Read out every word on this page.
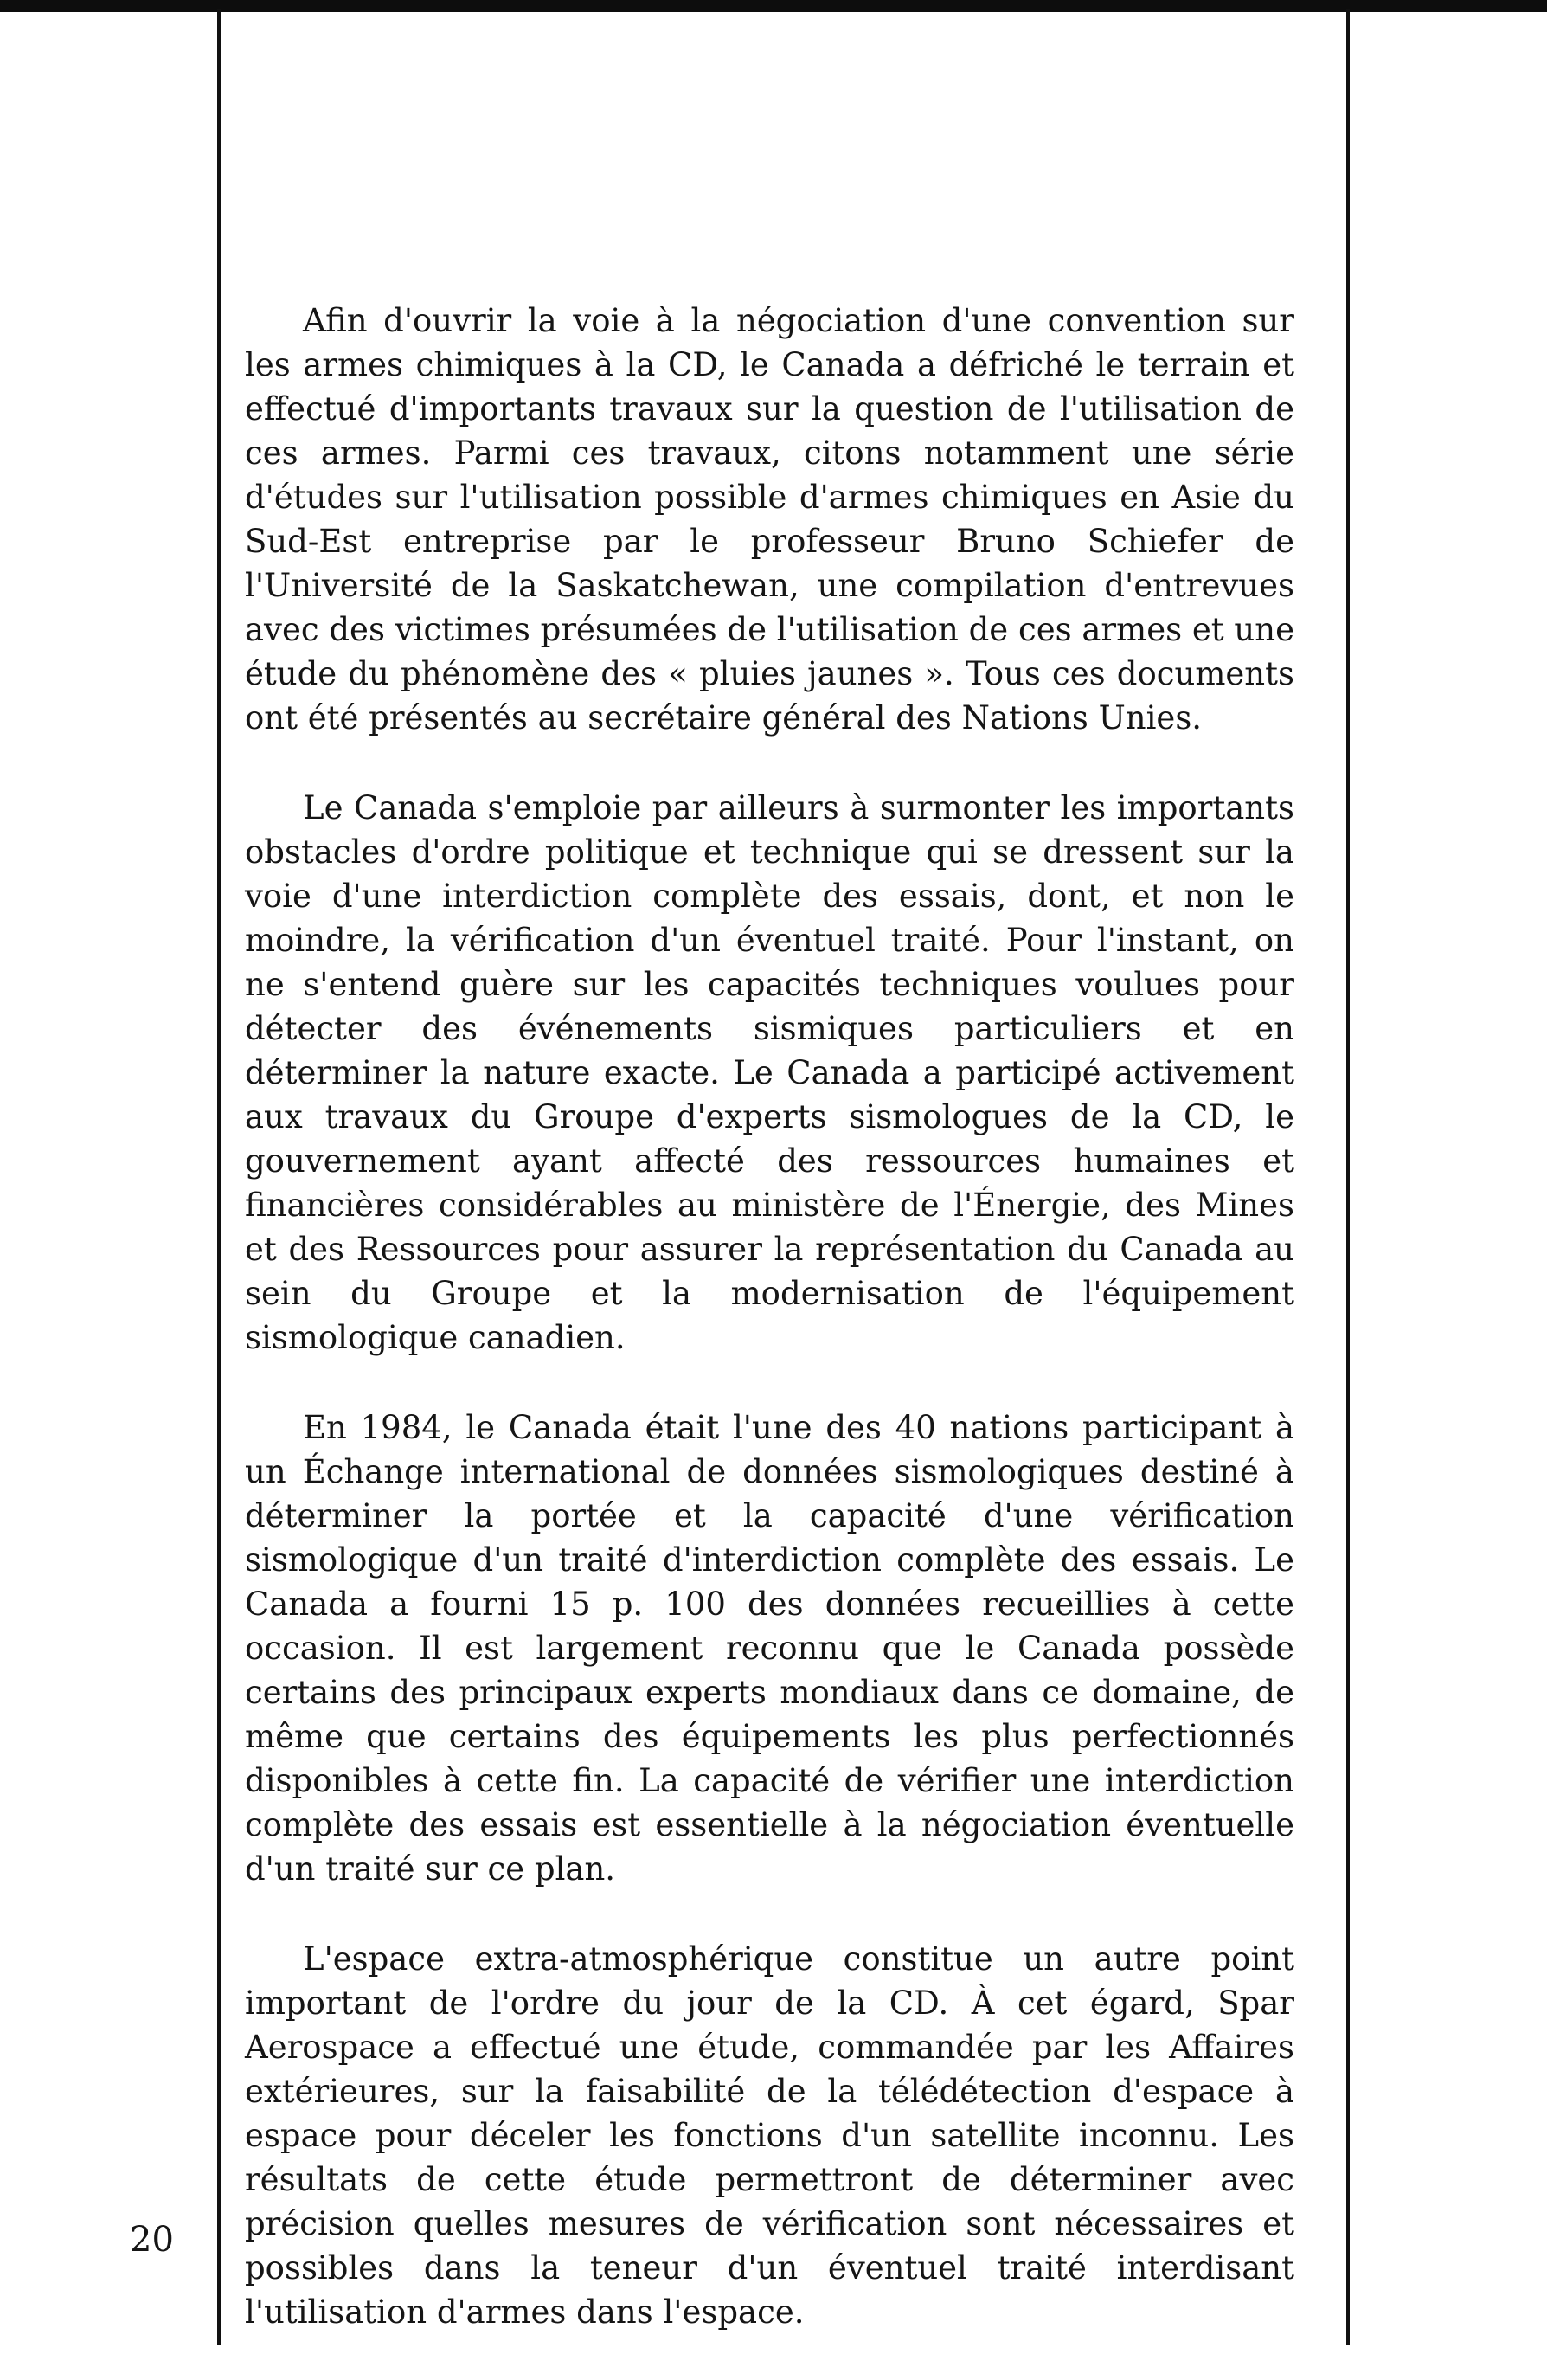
Afin d'ouvrir la voie à la négociation d'une convention sur les armes chimiques à la CD, le Canada a défriché le terrain et effectué d'importants travaux sur la question de l'utilisation de ces armes. Parmi ces travaux, citons notamment une série d'études sur l'utilisation possible d'armes chimiques en Asie du Sud-Est entreprise par le professeur Bruno Schiefer de l'Université de la Saskatchewan, une compilation d'entrevues avec des victimes présumées de l'utilisation de ces armes et une étude du phénomène des « pluies jaunes ». Tous ces documents ont été présentés au secrétaire général des Nations Unies.

Le Canada s'emploie par ailleurs à surmonter les importants obstacles d'ordre politique et technique qui se dressent sur la voie d'une interdiction complète des essais, dont, et non le moindre, la vérification d'un éventuel traité. Pour l'instant, on ne s'entend guère sur les capacités techniques voulues pour détecter des événements sismiques particuliers et en déterminer la nature exacte. Le Canada a participé activement aux travaux du Groupe d'experts sismologues de la CD, le gouvernement ayant affecté des ressources humaines et financières considérables au ministère de l'Énergie, des Mines et des Ressources pour assurer la représentation du Canada au sein du Groupe et la modernisation de l'équipement sismologique canadien.

En 1984, le Canada était l'une des 40 nations participant à un Échange international de données sismologiques destiné à déterminer la portée et la capacité d'une vérification sismologique d'un traité d'interdiction complète des essais. Le Canada a fourni 15 p. 100 des données recueillies à cette occasion. Il est largement reconnu que le Canada possède certains des principaux experts mondiaux dans ce domaine, de même que certains des équipements les plus perfectionnés disponibles à cette fin. La capacité de vérifier une interdiction complète des essais est essentielle à la négociation éventuelle d'un traité sur ce plan.

L'espace extra-atmosphérique constitue un autre point important de l'ordre du jour de la CD. À cet égard, Spar Aerospace a effectué une étude, commandée par les Affaires extérieures, sur la faisabilité de la télédétection d'espace à espace pour déceler les fonctions d'un satellite inconnu. Les résultats de cette étude permettront de déterminer avec précision quelles mesures de vérification sont nécessaires et possibles dans la teneur d'un éventuel traité interdisant l'utilisation d'armes dans l'espace.

20
